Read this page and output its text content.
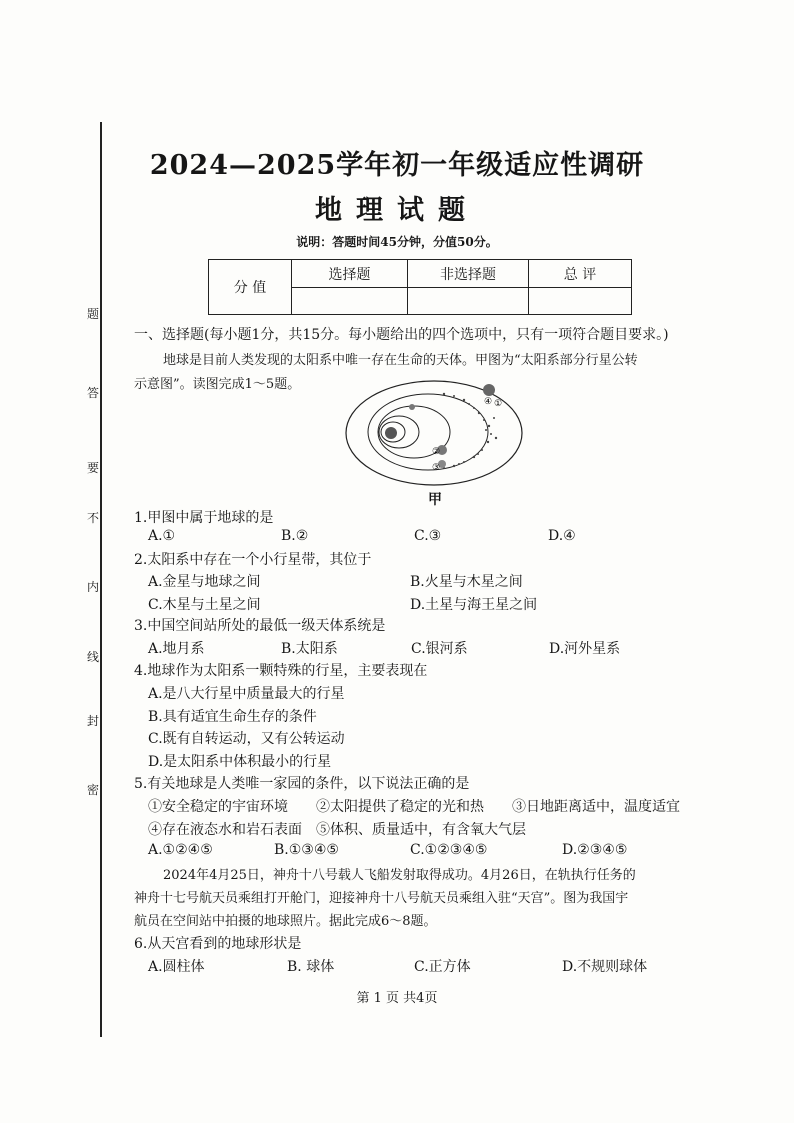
题
答
要
不
内
线
封
密
2024—2025学年初一年级适应性调研
地理试题
说明：答题时间45分钟，分值50分。
分 值	选择题	非选择题	总 评

一、选择题(每小题1分，共15分。每小题给出的四个选项中，只有一项符合题目要求。)
地球是目前人类发现的太阳系中唯一存在生命的天体。甲图为“太阳系部分行星公转
示意图”。读图完成1～5题。
①
②
③
④
甲
1.甲图中属于地球的是
A.①	B.②	C.③	D.④
2.太阳系中存在一个小行星带，其位于
A.金星与地球之间	B.火星与木星之间
C.木星与土星之间	D.土星与海王星之间
3.中国空间站所处的最低一级天体系统是
A.地月系	B.太阳系	C.银河系	D.河外星系
4.地球作为太阳系一颗特殊的行星，主要表现在
A.是八大行星中质量最大的行星
B.具有适宜生命生存的条件
C.既有自转运动，又有公转运动
D.是太阳系中体积最小的行星
5.有关地球是人类唯一家园的条件，以下说法正确的是
①安全稳定的宇宙环境 ②太阳提供了稳定的光和热 ③日地距离适中，温度适宜
④存在液态水和岩石表面 ⑤体积、质量适中，有含氧大气层
A.①②④⑤	B.①③④⑤	C.①②③④⑤	D.②③④⑤
2024年4月25日，神舟十八号载人飞船发射取得成功。4月26日，在轨执行任务的
神舟十七号航天员乘组打开舱门，迎接神舟十八号航天员乘组入驻“天宫”。图为我国宇
航员在空间站中拍摄的地球照片。据此完成6～8题。
6.从天宫看到的地球形状是
A.圆柱体	B. 球体	C.正方体	D.不规则球体
第 1 页 共4页
